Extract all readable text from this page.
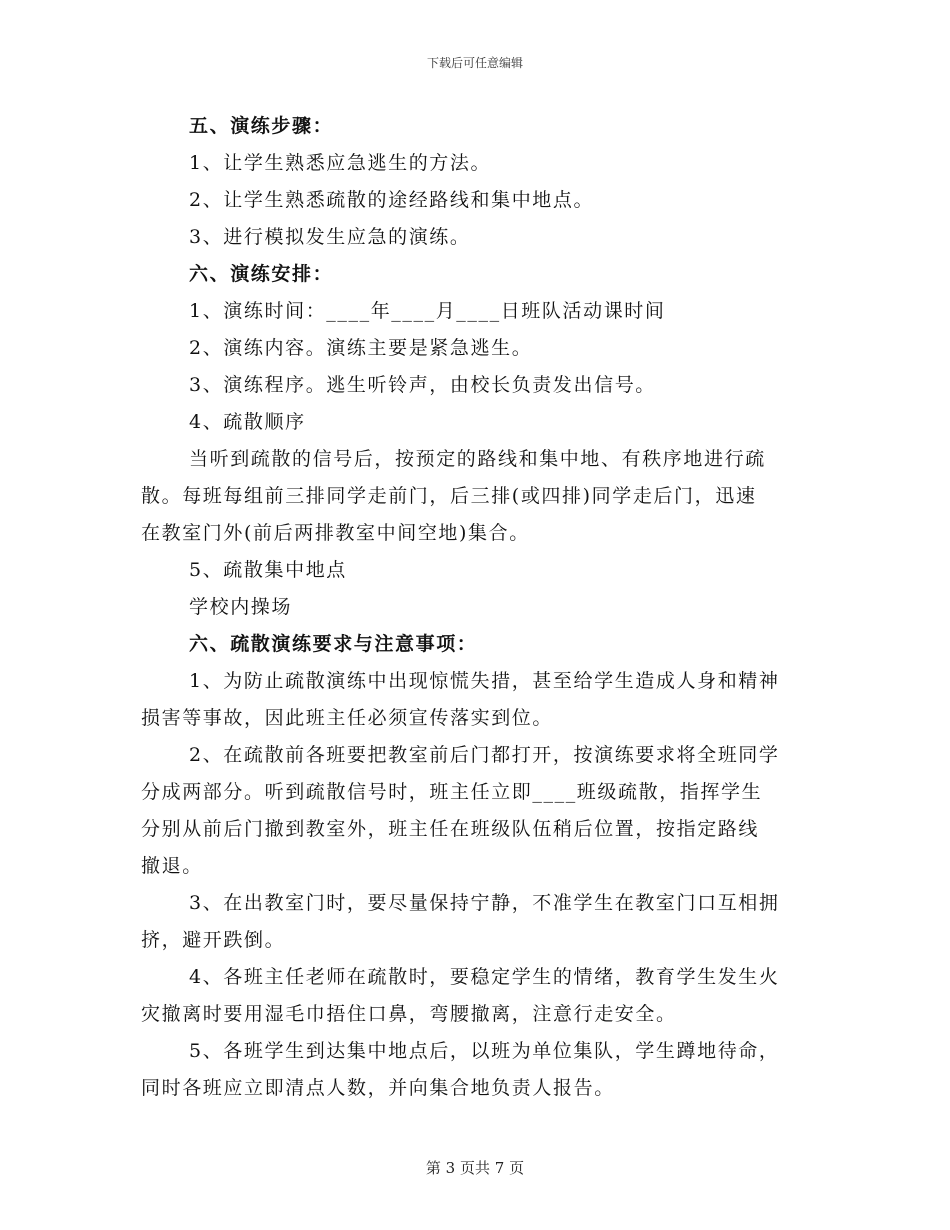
下载后可任意编辑
五、演练步骤：
1、让学生熟悉应急逃生的方法。
2、让学生熟悉疏散的途经路线和集中地点。
3、进行模拟发生应急的演练。
六、演练安排：
1、演练时间：____年____月____日班队活动课时间
2、演练内容。演练主要是紧急逃生。
3、演练程序。逃生听铃声，由校长负责发出信号。
4、疏散顺序
当听到疏散的信号后，按预定的路线和集中地、有秩序地进行疏
散。每班每组前三排同学走前门，后三排(或四排)同学走后门，迅速
在教室门外(前后两排教室中间空地)集合。
5、疏散集中地点
学校内操场
六、疏散演练要求与注意事项：
1、为防止疏散演练中出现惊慌失措，甚至给学生造成人身和精神
损害等事故，因此班主任必须宣传落实到位。
2、在疏散前各班要把教室前后门都打开，按演练要求将全班同学
分成两部分。听到疏散信号时，班主任立即____班级疏散，指挥学生
分别从前后门撤到教室外，班主任在班级队伍稍后位置，按指定路线
撤退。
3、在出教室门时，要尽量保持宁静，不准学生在教室门口互相拥
挤，避开跌倒。
4、各班主任老师在疏散时，要稳定学生的情绪，教育学生发生火
灾撤离时要用湿毛巾捂住口鼻，弯腰撤离，注意行走安全。
5、各班学生到达集中地点后，以班为单位集队，学生蹲地待命，
同时各班应立即清点人数，并向集合地负责人报告。
第 3 页共 7 页
